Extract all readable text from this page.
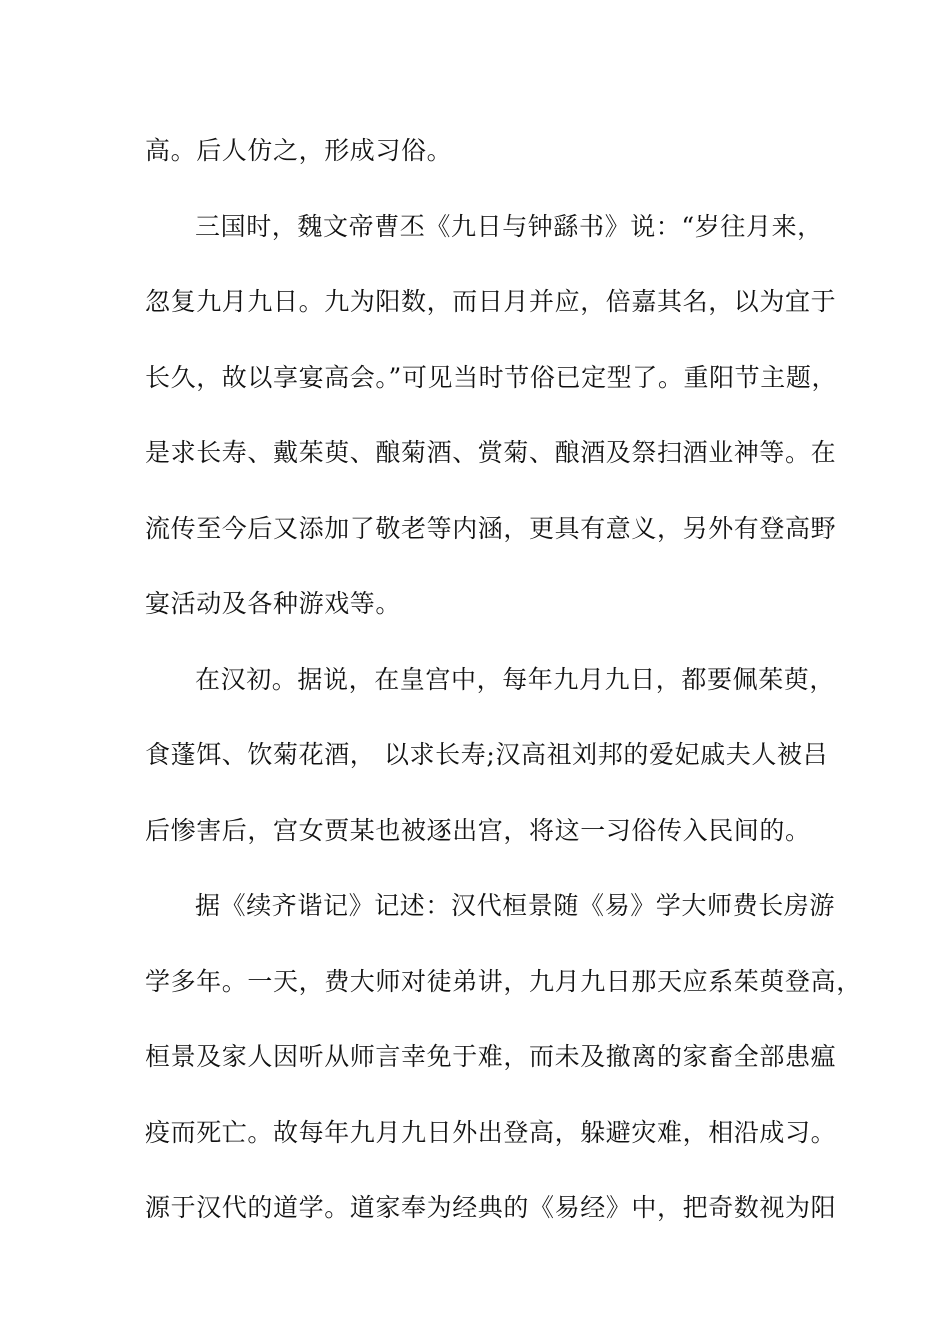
高。后人仿之，形成习俗。
三国时，魏文帝曹丕《九日与钟繇书》说：“岁往月来，
忽复九月九日。九为阳数，而日月并应，倍嘉其名，以为宜于
长久，故以享宴高会。”可见当时节俗已定型了。重阳节主题，
是求长寿、戴茱萸、酿菊酒、赏菊、酿酒及祭扫酒业神等。在
流传至今后又添加了敬老等内涵，更具有意义，另外有登高野
宴活动及各种游戏等。
在汉初。据说，在皇宫中，每年九月九日，都要佩茱萸，
食蓬饵、饮菊花酒， 以求长寿;汉高祖刘邦的爱妃戚夫人被吕
后惨害后，宫女贾某也被逐出宫，将这一习俗传入民间的。
据《续齐谐记》记述：汉代桓景随《易》学大师费长房游
学多年。一天，费大师对徒弟讲，九月九日那天应系茱萸登高，
桓景及家人因听从师言幸免于难，而未及撤离的家畜全部患瘟
疫而死亡。故每年九月九日外出登高，躲避灾难，相沿成习。
源于汉代的道学。道家奉为经典的《易经》中，把奇数视为阳
